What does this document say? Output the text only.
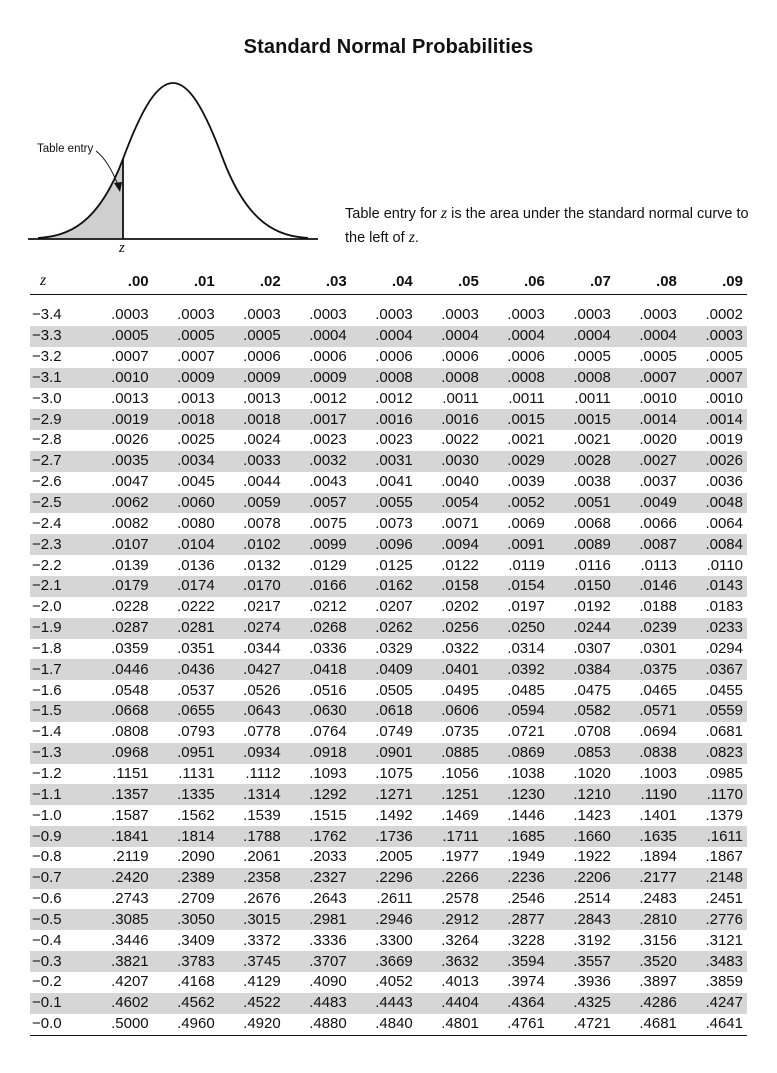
Standard Normal Probabilities
Table entry
z
Table entry for z is the area under the standard normal curve to the left of z.
z	.00	.01	.02	.03	.04	.05	.06	.07	.08	.09

−3.4	.0003	.0003	.0003	.0003	.0003	.0003	.0003	.0003	.0003	.0002
−3.3	.0005	.0005	.0005	.0004	.0004	.0004	.0004	.0004	.0004	.0003
−3.2	.0007	.0007	.0006	.0006	.0006	.0006	.0006	.0005	.0005	.0005
−3.1	.0010	.0009	.0009	.0009	.0008	.0008	.0008	.0008	.0007	.0007
−3.0	.0013	.0013	.0013	.0012	.0012	.0011	.0011	.0011	.0010	.0010
−2.9	.0019	.0018	.0018	.0017	.0016	.0016	.0015	.0015	.0014	.0014
−2.8	.0026	.0025	.0024	.0023	.0023	.0022	.0021	.0021	.0020	.0019
−2.7	.0035	.0034	.0033	.0032	.0031	.0030	.0029	.0028	.0027	.0026
−2.6	.0047	.0045	.0044	.0043	.0041	.0040	.0039	.0038	.0037	.0036
−2.5	.0062	.0060	.0059	.0057	.0055	.0054	.0052	.0051	.0049	.0048
−2.4	.0082	.0080	.0078	.0075	.0073	.0071	.0069	.0068	.0066	.0064
−2.3	.0107	.0104	.0102	.0099	.0096	.0094	.0091	.0089	.0087	.0084
−2.2	.0139	.0136	.0132	.0129	.0125	.0122	.0119	.0116	.0113	.0110
−2.1	.0179	.0174	.0170	.0166	.0162	.0158	.0154	.0150	.0146	.0143
−2.0	.0228	.0222	.0217	.0212	.0207	.0202	.0197	.0192	.0188	.0183
−1.9	.0287	.0281	.0274	.0268	.0262	.0256	.0250	.0244	.0239	.0233
−1.8	.0359	.0351	.0344	.0336	.0329	.0322	.0314	.0307	.0301	.0294
−1.7	.0446	.0436	.0427	.0418	.0409	.0401	.0392	.0384	.0375	.0367
−1.6	.0548	.0537	.0526	.0516	.0505	.0495	.0485	.0475	.0465	.0455
−1.5	.0668	.0655	.0643	.0630	.0618	.0606	.0594	.0582	.0571	.0559
−1.4	.0808	.0793	.0778	.0764	.0749	.0735	.0721	.0708	.0694	.0681
−1.3	.0968	.0951	.0934	.0918	.0901	.0885	.0869	.0853	.0838	.0823
−1.2	.1151	.1131	.1112	.1093	.1075	.1056	.1038	.1020	.1003	.0985
−1.1	.1357	.1335	.1314	.1292	.1271	.1251	.1230	.1210	.1190	.1170
−1.0	.1587	.1562	.1539	.1515	.1492	.1469	.1446	.1423	.1401	.1379
−0.9	.1841	.1814	.1788	.1762	.1736	.1711	.1685	.1660	.1635	.1611
−0.8	.2119	.2090	.2061	.2033	.2005	.1977	.1949	.1922	.1894	.1867
−0.7	.2420	.2389	.2358	.2327	.2296	.2266	.2236	.2206	.2177	.2148
−0.6	.2743	.2709	.2676	.2643	.2611	.2578	.2546	.2514	.2483	.2451
−0.5	.3085	.3050	.3015	.2981	.2946	.2912	.2877	.2843	.2810	.2776
−0.4	.3446	.3409	.3372	.3336	.3300	.3264	.3228	.3192	.3156	.3121
−0.3	.3821	.3783	.3745	.3707	.3669	.3632	.3594	.3557	.3520	.3483
−0.2	.4207	.4168	.4129	.4090	.4052	.4013	.3974	.3936	.3897	.3859
−0.1	.4602	.4562	.4522	.4483	.4443	.4404	.4364	.4325	.4286	.4247
−0.0	.5000	.4960	.4920	.4880	.4840	.4801	.4761	.4721	.4681	.4641
